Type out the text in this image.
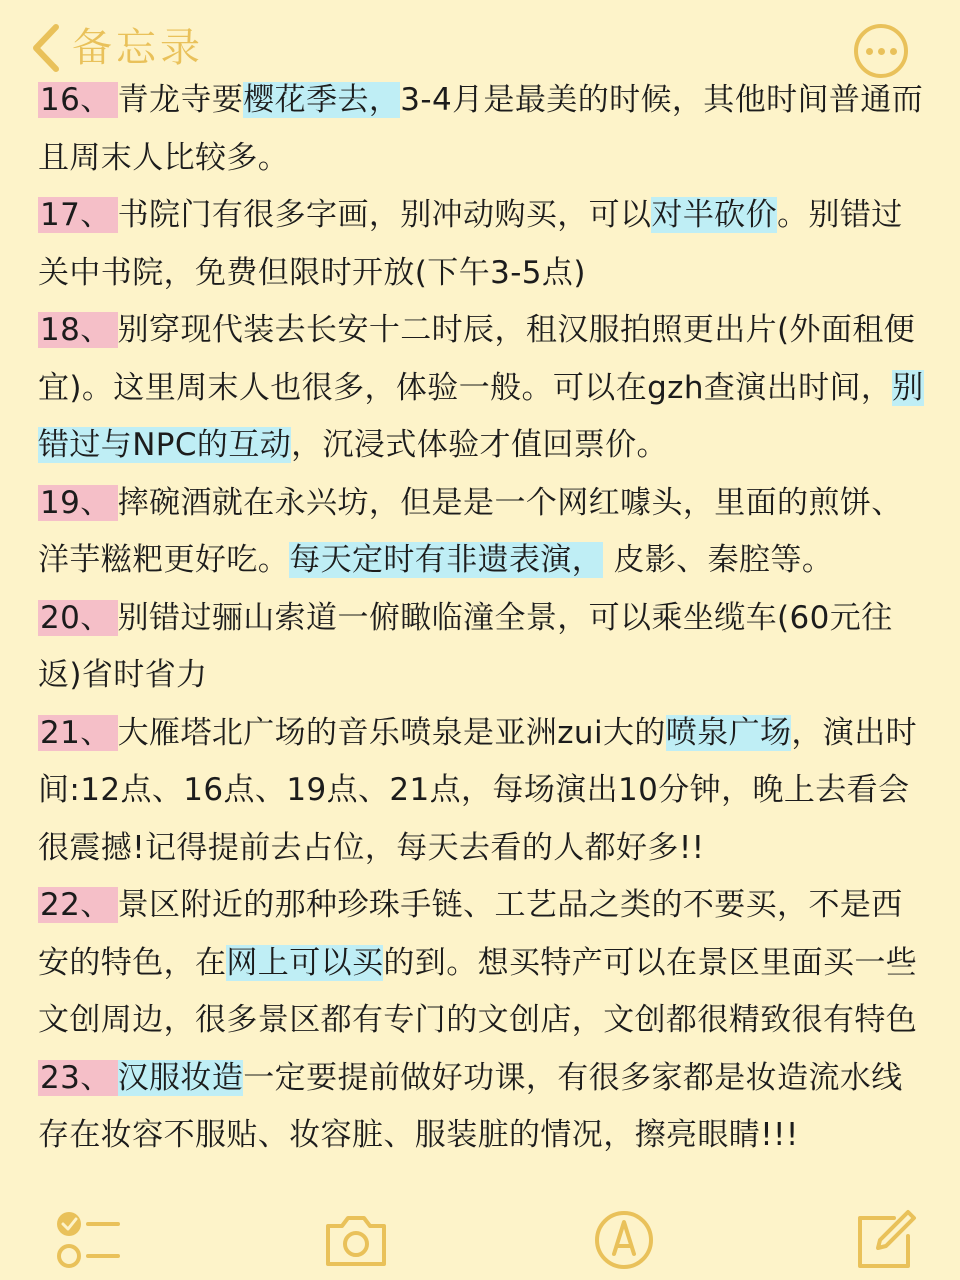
备忘录
16、 青龙寺要樱花季去，3-4月是最美的时候，其他时间普通而且周末人比较多。
17、 书院门有很多字画，别冲动购买，可以对半砍价。别错过关中书院，免费但限时开放(下午3-5点)
18、 别穿现代装去长安十二时辰，租汉服拍照更出片(外面租便宜)。这里周末人也很多，体验一般。可以在gzh查演出时间，别错过与NPC的互动，沉浸式体验才值回票价。
19、 摔碗酒就在永兴坊，但是是一个网红噱头，里面的煎饼、洋芋糍粑更好吃。每天定时有非遗表演， 皮影、秦腔等。
20、 别错过骊山索道一俯瞰临潼全景，可以乘坐缆车(60元往返)省时省力
21、 大雁塔北广场的音乐喷泉是亚洲zui大的喷泉广场，演出时间:12点、16点、19点、21点，每场演出10分钟，晚上去看会很震撼!记得提前去占位，每天去看的人都好多!!
22、 景区附近的那种珍珠手链、工艺品之类的不要买，不是西安的特色，在网上可以买的到。想买特产可以在景区里面买一些文创周边，很多景区都有专门的文创店，文创都很精致很有特色
23、 汉服妆造一定要提前做好功课，有很多家都是妆造流水线存在妆容不服贴、妆容脏、服装脏的情况，擦亮眼睛!!!
